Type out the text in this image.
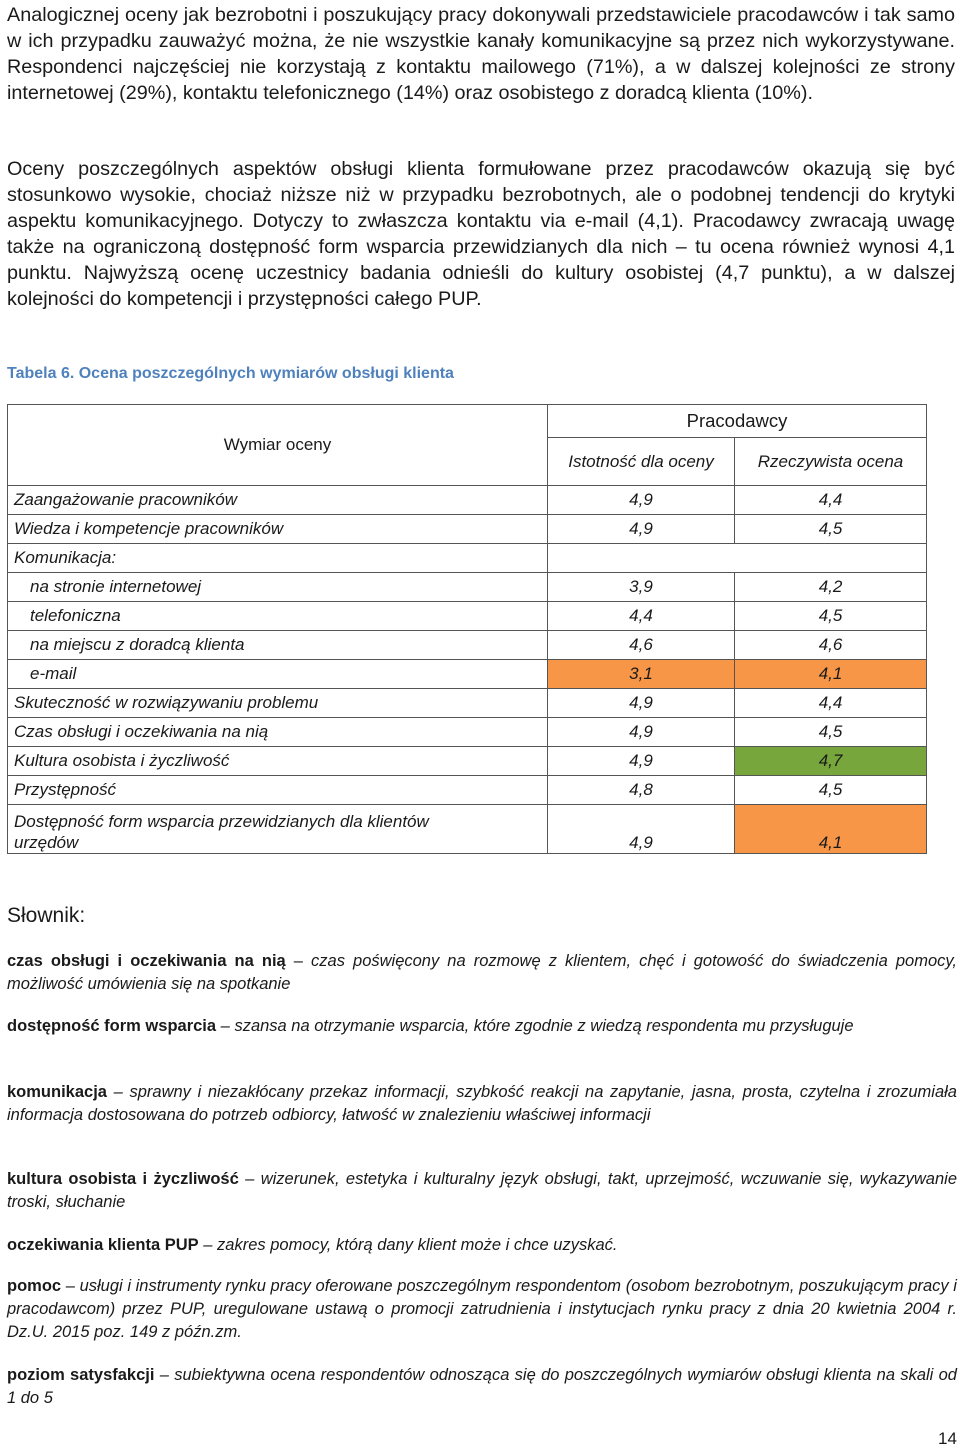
Analogicznej oceny jak bezrobotni i poszukujący pracy dokonywali przedstawiciele pracodawców i tak samo w ich przypadku zauważyć można, że nie wszystkie kanały komunikacyjne są przez nich wykorzystywane. Respondenci najczęściej nie korzystają z kontaktu mailowego (71%), a w dalszej kolejności ze strony internetowej (29%), kontaktu telefonicznego (14%) oraz osobistego z doradcą klienta (10%).

Oceny poszczególnych aspektów obsługi klienta formułowane przez pracodawców okazują się być stosunkowo wysokie, chociaż niższe niż w przypadku bezrobotnych, ale o podobnej tendencji do krytyki aspektu komunikacyjnego. Dotyczy to zwłaszcza kontaktu via e-mail (4,1). Pracodawcy zwracają uwagę także na ograniczoną dostępność form wsparcia przewidzianych dla nich – tu ocena również wynosi 4,1 punktu. Najwyższą ocenę uczestnicy badania odnieśli do kultury osobistej (4,7 punktu), a w dalszej kolejności do kompetencji i przystępności całego PUP.

Tabela 6. Ocena poszczególnych wymiarów obsługi klienta
Wymiar oceny	Pracodawcy	
	Istotność dla oceny	Rzeczywista ocena
Zaangażowanie pracowników	4,9	4,4
Wiedza i kompetencje pracowników	4,9	4,5
Komunikacja:		
na stronie internetowej	3,9	4,2
telefoniczna	4,4	4,5
na miejscu z doradcą klienta	4,6	4,6
e-mail	3,1	4,1
Skuteczność w rozwiązywaniu problemu	4,9	4,4
Czas obsługi i oczekiwania na nią	4,9	4,5
Kultura osobista i życzliwość	4,9	4,7
Przystępność	4,8	4,5
Dostępność form wsparcia przewidzianych dla klientów
urzędów	4,9	4,1
Słownik:

czas obsługi i oczekiwania na nią – czas poświęcony na rozmowę z klientem, chęć i gotowość do świadczenia pomocy, możliwość umówienia się na spotkanie

dostępność form wsparcia – szansa na otrzymanie wsparcia, które zgodnie z wiedzą respondenta mu przysługuje

komunikacja – sprawny i niezakłócany przekaz informacji, szybkość reakcji na zapytanie, jasna, prosta, czytelna i zrozumiała informacja dostosowana do potrzeb odbiorcy, łatwość w znalezieniu właściwej informacji

kultura osobista i życzliwość – wizerunek, estetyka i kulturalny język obsługi, takt, uprzejmość, wczuwanie się, wykazywanie troski, słuchanie

oczekiwania klienta PUP – zakres pomocy, którą dany klient może i chce uzyskać.

pomoc – usługi i instrumenty rynku pracy oferowane poszczególnym respondentom (osobom bezrobotnym, poszukującym pracy i pracodawcom) przez PUP, uregulowane ustawą o promocji zatrudnienia i instytucjach rynku pracy z dnia 20 kwietnia 2004 r. Dz.U. 2015 poz. 149 z późn.zm.

poziom satysfakcji – subiektywna ocena respondentów odnosząca się do poszczególnych wymiarów obsługi klienta na skali od 1 do 5

14
